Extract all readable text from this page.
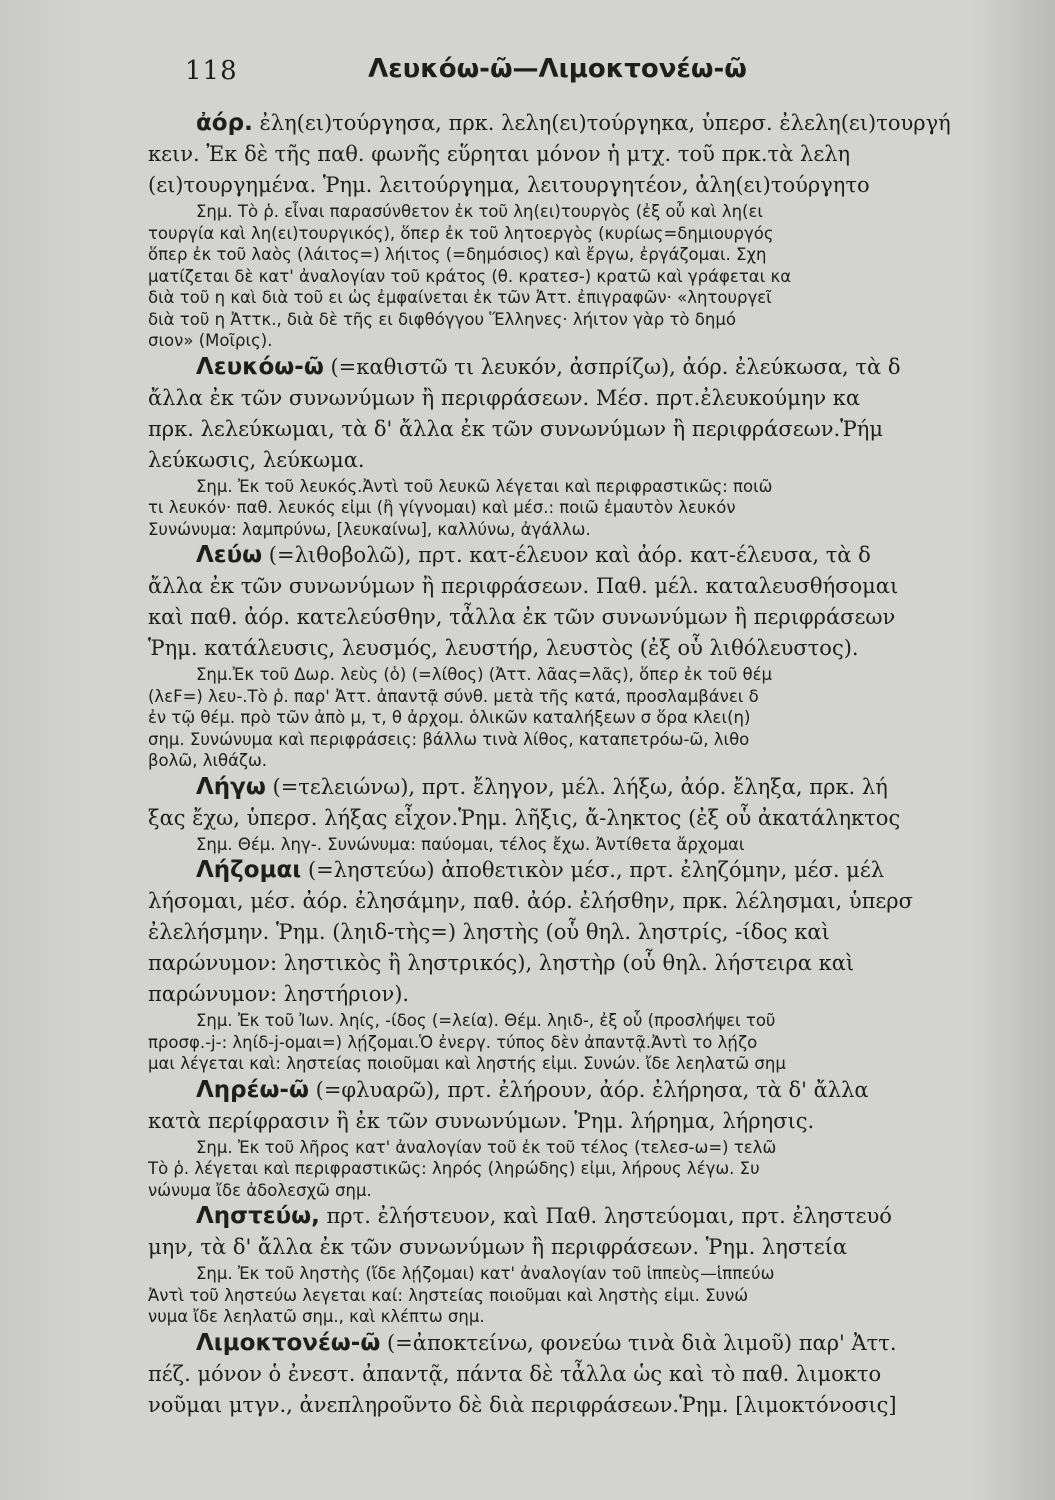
118	Λευκόω-ῶ—Λιμοκτονέω-ῶ
ἀόρ. ἐλη(ει)τούργησα, πρκ. λελη(ει)τούργηκα, ὑπερσ. ἐλελη(ει)τουργή
κειν. Ἐκ δὲ τῆς παθ. φωνῆς εὕρηται μόνον ἡ μτχ. τοῦ πρκ.τὰ λελη
(ει)τουργημένα. Ῥημ. λειτούργημα, λειτουργητέον, ἀλη(ει)τούργητο
Σημ. Τὸ ῥ. εἶναι παρασύνθετον ἐκ τοῦ λη(ει)τουργὸς (ἐξ οὗ καὶ λη(ει
τουργία καὶ λη(ει)τουργικός), ὅπερ ἐκ τοῦ λητοεργὸς (κυρίως=δημιουργός
ὅπερ ἐκ τοῦ λαὸς (λάιτος=) λήιτος (=δημόσιος) καὶ ἔργω, ἐργάζομαι. Σχη
ματίζεται δὲ κατ' ἀναλογίαν τοῦ κράτος (θ. κρατεσ-) κρατῶ καὶ γράφεται κα
διὰ τοῦ η καὶ διὰ τοῦ ει ὡς ἐμφαίνεται ἐκ τῶν Ἀττ. ἐπιγραφῶν· «λητουργεῖ
διὰ τοῦ η Ἀττκ., διὰ δὲ τῆς ει διφθόγγου Ἕλληνες· λήιτον γὰρ τὸ δημό
σιον» (Μοῖρις).
Λευκόω-ῶ (=καθιστῶ τι λευκόν, ἀσπρίζω), ἀόρ. ἐλεύκωσα, τὰ δ
ἄλλα ἐκ τῶν συνωνύμων ἢ περιφράσεων. Μέσ. πρτ.ἐλευκούμην κα
πρκ. λελεύκωμαι, τὰ δ' ἄλλα ἐκ τῶν συνωνύμων ἢ περιφράσεων.Ῥήμ
λεύκωσις, λεύκωμα.
Σημ. Ἐκ τοῦ λευκός.Ἀντὶ τοῦ λευκῶ λέγεται καὶ περιφραστικῶς: ποιῶ
τι λευκόν· παθ. λευκός εἰμι (ἢ γίγνομαι) καὶ μέσ.: ποιῶ ἐμαυτὸν λευκόν
Συνώνυμα: λαμπρύνω, [λευκαίνω], καλλύνω, ἀγάλλω.
Λεύω (=λιθοβολῶ), πρτ. κατ-έλευον καὶ ἀόρ. κατ-έλευσα, τὰ δ
ἄλλα ἐκ τῶν συνωνύμων ἢ περιφράσεων. Παθ. μέλ. καταλευσθήσομαι
καὶ παθ. ἀόρ. κατελεύσθην, τἆλλα ἐκ τῶν συνωνύμων ἢ περιφράσεων
Ῥημ. κατάλευσις, λευσμός, λευστήρ, λευστὸς (ἐξ οὗ λιθόλευστος).
Σημ.Ἐκ τοῦ Δωρ. λεὺς (ὁ) (=λίθος) (Ἀττ. λᾶας=λᾶς), ὅπερ ἐκ τοῦ θέμ
(λεF=) λευ-.Τὸ ῥ. παρ' Ἀττ. ἀπαντᾷ σύνθ. μετὰ τῆς κατά, προσλαμβάνει δ
ἐν τῷ θέμ. πρὸ τῶν ἀπὸ μ, τ, θ ἀρχομ. ὁλικῶν καταλήξεων σ ὅρα κλει(η)
σημ. Συνώνυμα καὶ περιφράσεις: βάλλω τινὰ λίθος, καταπετρόω-ῶ, λιθο
βολῶ, λιθάζω.
Λήγω (=τελειώνω), πρτ. ἔληγον, μέλ. λήξω, ἀόρ. ἔληξα, πρκ. λή
ξας ἔχω, ὑπερσ. λήξας εἶχον.Ῥημ. λῆξις, ἄ-ληκτος (ἐξ οὗ ἀκατάληκτος
Σημ. Θέμ. ληγ-. Συνώνυμα: παύομαι, τέλος ἔχω. Ἀντίθετα ἄρχομαι
Λήζομαι (=ληστεύω) ἀποθετικὸν μέσ., πρτ. ἐληζόμην, μέσ. μέλ
λήσομαι, μέσ. ἀόρ. ἐλησάμην, παθ. ἀόρ. ἐλήσθην, πρκ. λέλησμαι, ὑπερσ
ἐλελήσμην. Ῥημ. (ληιδ-τὴς=) ληστὴς (οὗ θηλ. ληστρίς, -ίδος καὶ
παρώνυμον: ληστικὸς ἢ ληστρικός), ληστὴρ (οὗ θηλ. λήστειρα καὶ
παρώνυμον: ληστήριον).
Σημ. Ἐκ τοῦ Ἰων. ληίς, -ίδος (=λεία). Θέμ. ληιδ-, ἐξ οὗ (προσλήψει τοῦ
προσφ.-j-: ληίδ-j-ομαι=) λῄζομαι.Ὁ ἐνεργ. τύπος δὲν ἀπαντᾷ.Ἀντὶ το λῄζο
μαι λέγεται καὶ: ληστείας ποιοῦμαι καὶ ληστής εἰμι. Συνών. ἴδε λεηλατῶ σημ
Ληρέω-ῶ (=φλυαρῶ), πρτ. ἐλήρουν, ἀόρ. ἐλήρησα, τὰ δ' ἄλλα
κατὰ περίφρασιν ἢ ἐκ τῶν συνωνύμων. Ῥημ. λήρημα, λήρησις.
Σημ. Ἐκ τοῦ λῆρος κατ' ἀναλογίαν τοῦ ἐκ τοῦ τέλος (τελεσ-ω=) τελῶ
Τὸ ῥ. λέγεται καὶ περιφραστικῶς: ληρός (ληρώδης) εἰμι, λήρους λέγω. Συ
νώνυμα ἴδε ἀδολεσχῶ σημ.
Ληστεύω, πρτ. ἐλήστευον, καὶ Παθ. ληστεύομαι, πρτ. ἐληστευό
μην, τὰ δ' ἄλλα ἐκ τῶν συνωνύμων ἢ περιφράσεων. Ῥημ. ληστεία
Σημ. Ἐκ τοῦ ληστὴς (ἴδε λῄζομαι) κατ' ἀναλογίαν τοῦ ἱππεὺς—ἱππεύω
Ἀντὶ τοῦ ληστεύω λεγεται καί: ληστείας ποιοῦμαι καὶ ληστὴς εἰμι. Συνώ
νυμα ἴδε λεηλατῶ σημ., καὶ κλέπτω σημ.
Λιμοκτονέω-ῶ (=ἀποκτείνω, φονεύω τινὰ διὰ λιμοῦ) παρ' Ἀττ.
πέζ. μόνον ὁ ἐνεστ. ἀπαντᾷ, πάντα δὲ τἆλλα ὡς καὶ τὸ παθ. λιμοκτο
νοῦμαι μτγν., ἀνεπληροῦντο δὲ διὰ περιφράσεων.Ῥημ. [λιμοκτόνοσις]
